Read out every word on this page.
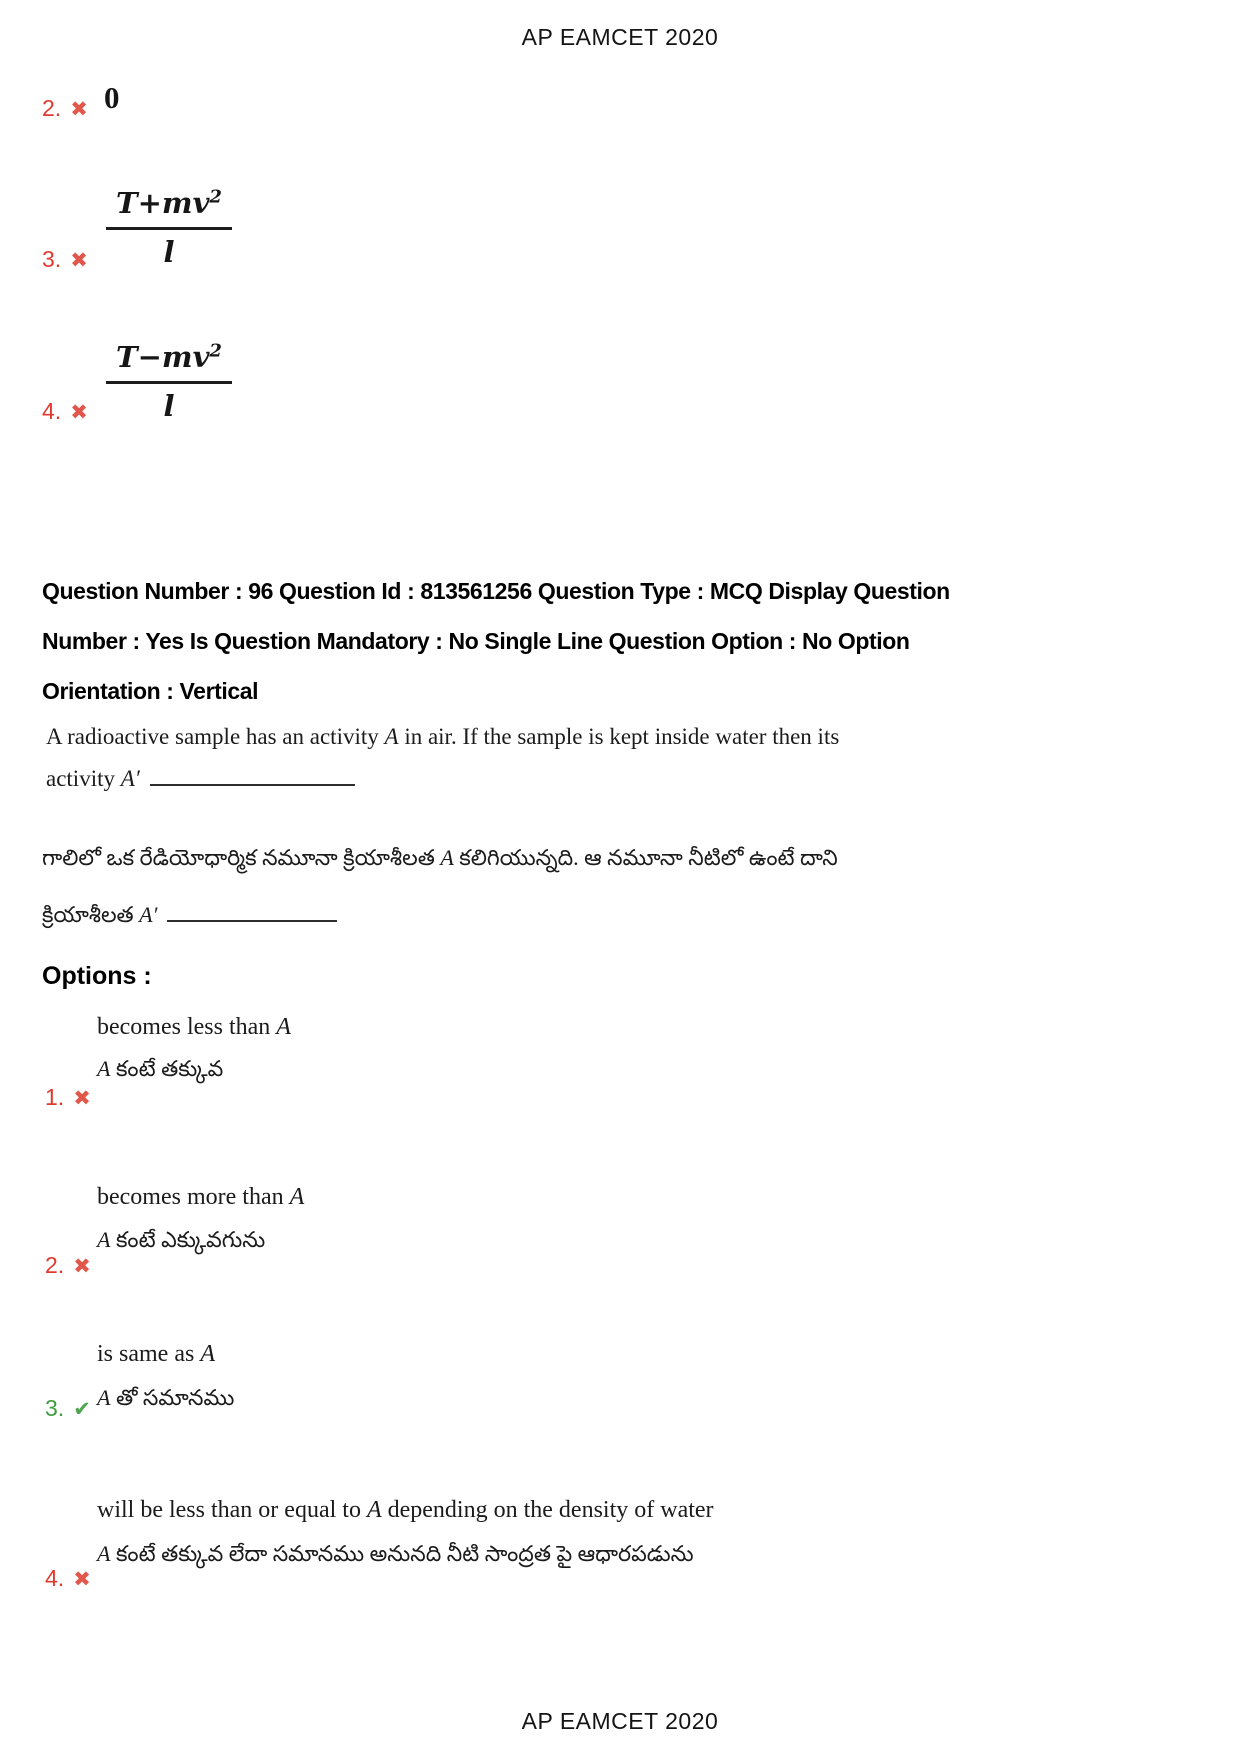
AP EAMCET 2020
2. ✖ 0
$\frac{T+mv^2}{l}$
3. ✖
$\frac{T-mv^2}{l}$
4. ✖
Question Number : 96 Question Id : 813561256 Question Type : MCQ Display Question
Number : Yes Is Question Mandatory : No Single Line Question Option : No Option
Orientation : Vertical
A radioactive sample has an activity A in air. If the sample is kept inside water then its
activity A′
గాలిలో ఒక రేడియోధార్మిక నమూనా క్రియాశీలత A కలిగియున్నది. ఆ నమూనా నీటిలో ఉంటే దాని
క్రియాశీలత A′
Options :
becomes less than A
A కంటే తక్కువ
1. ✖
becomes more than A
A కంటే ఎక్కువగును
2. ✖
is same as A
A తో సమానము
3. ✔
will be less than or equal to A depending on the density of water
A కంటే తక్కువ లేదా సమానము అనునది నీటి సాంద్రత పై ఆధారపడును
4. ✖
AP EAMCET 2020
